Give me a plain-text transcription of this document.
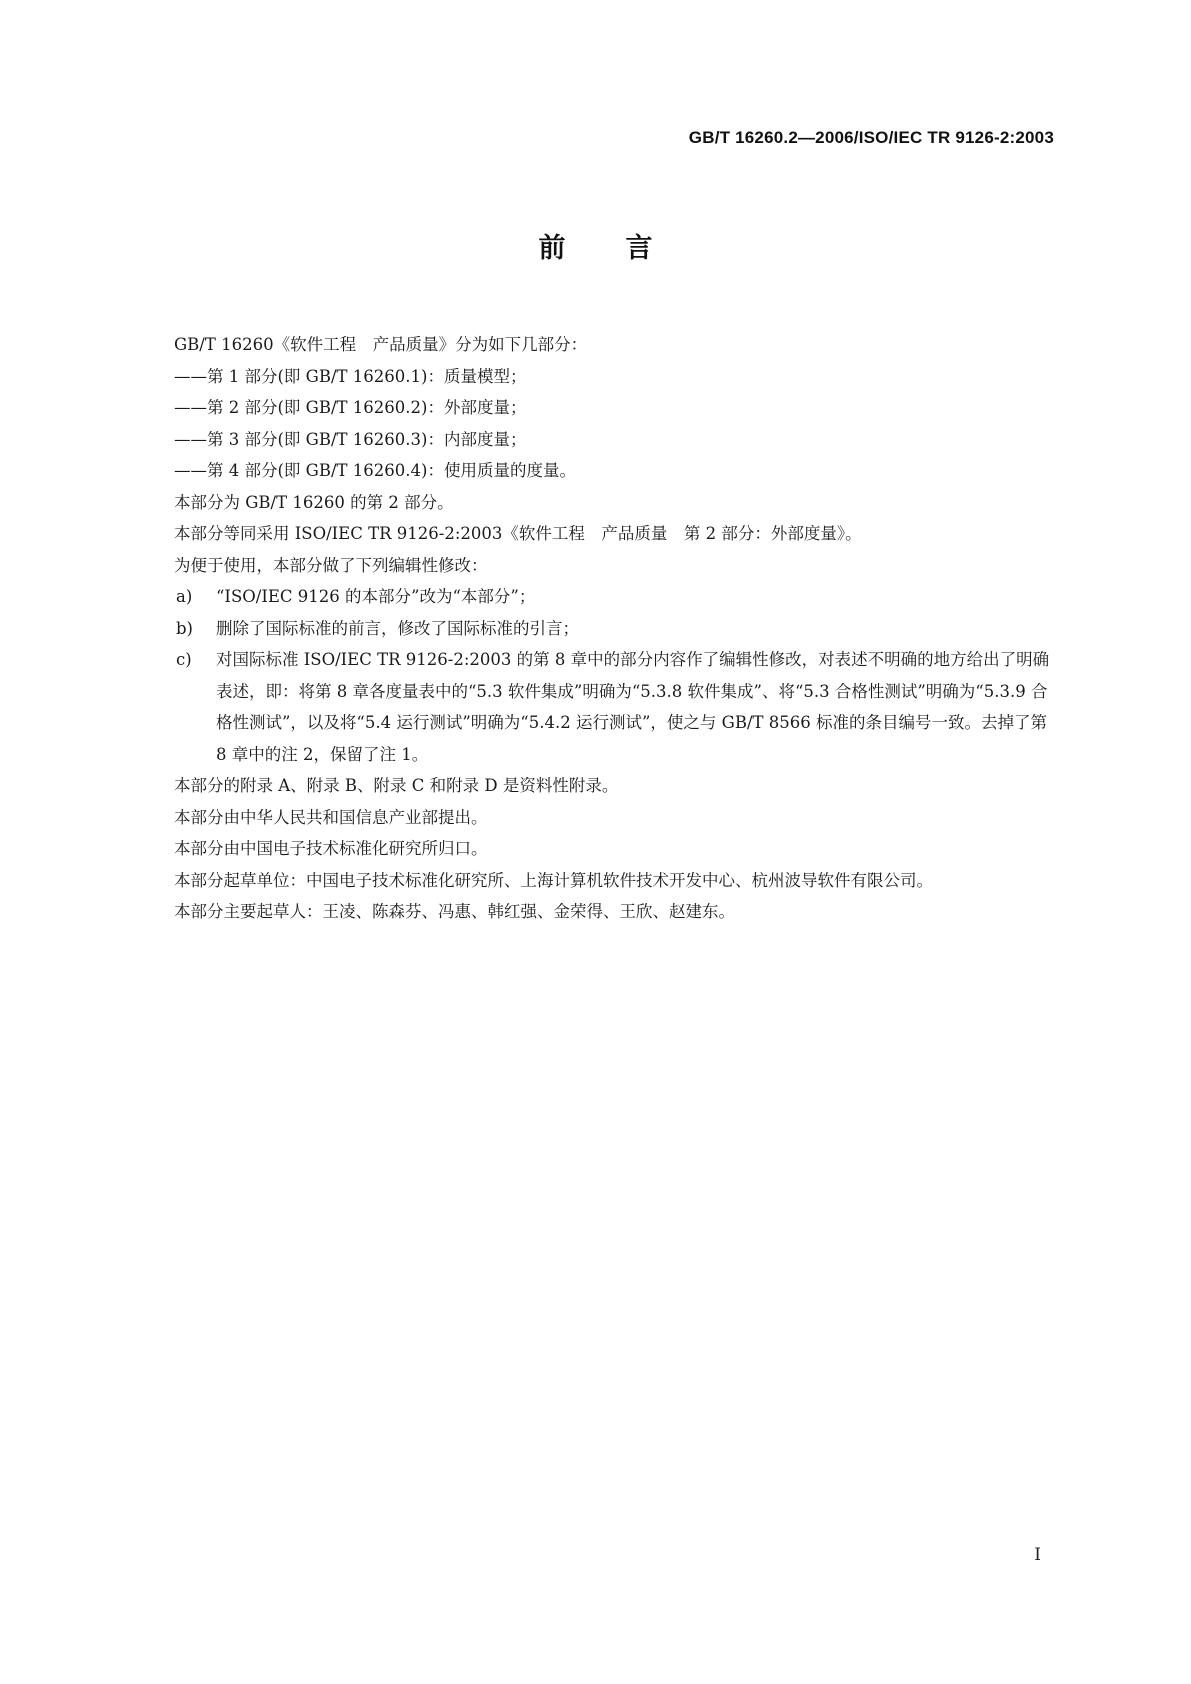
GB/T 16260.2—2006/ISO/IEC TR 9126-2:2003
前言

GB/T 16260《软件工程　产品质量》分为如下几部分：

——第 1 部分(即 GB/T 16260.1)：质量模型；

——第 2 部分(即 GB/T 16260.2)：外部度量；

——第 3 部分(即 GB/T 16260.3)：内部度量；

——第 4 部分(即 GB/T 16260.4)：使用质量的度量。

本部分为 GB/T 16260 的第 2 部分。

本部分等同采用 ISO/IEC TR 9126-2:2003《软件工程　产品质量　第 2 部分：外部度量》。

为便于使用，本部分做了下列编辑性修改：

a) “ISO/IEC 9126 的本部分”改为“本部分”；

b) 删除了国际标准的前言，修改了国际标准的引言；

c) 对国际标准 ISO/IEC TR 9126-2:2003 的第 8 章中的部分内容作了编辑性修改，对表述不明确的地方给出了明确表述，即：将第 8 章各度量表中的“5.3 软件集成”明确为“5.3.8 软件集成”、将“5.3 合格性测试”明确为“5.3.9 合格性测试”，以及将“5.4 运行测试”明确为“5.4.2 运行测试”，使之与 GB/T 8566 标准的条目编号一致。去掉了第 8 章中的注 2，保留了注 1。

本部分的附录 A、附录 B、附录 C 和附录 D 是资料性附录。

本部分由中华人民共和国信息产业部提出。

本部分由中国电子技术标准化研究所归口。

本部分起草单位：中国电子技术标准化研究所、上海计算机软件技术开发中心、杭州波导软件有限公司。

本部分主要起草人：王凌、陈森芬、冯惠、韩红强、金荣得、王欣、赵建东。

I
